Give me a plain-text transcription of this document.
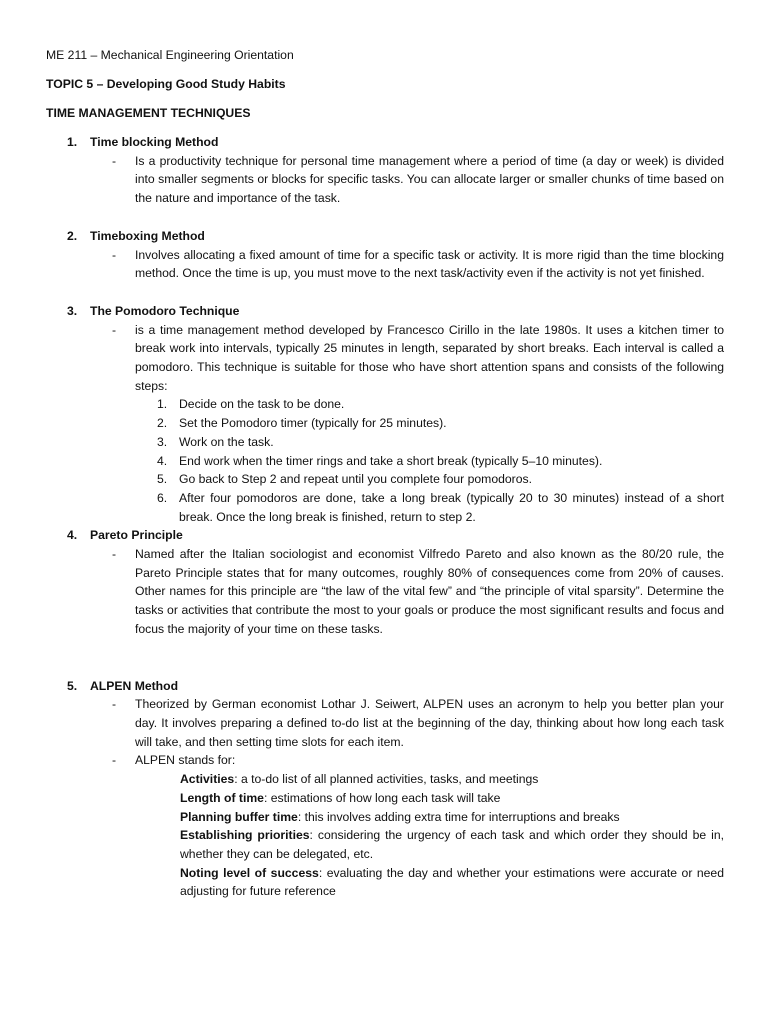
ME 211 – Mechanical Engineering Orientation

TOPIC 5 – Developing Good Study Habits

TIME MANAGEMENT TECHNIQUES

1.	Time blocking Method
- Is a productivity technique for personal time management where a period of time (a day or week) is divided into smaller segments or blocks for specific tasks. You can allocate larger or smaller chunks of time based on the nature and importance of the task.
2.	Timeboxing Method
- Involves allocating a fixed amount of time for a specific task or activity. It is more rigid than the time blocking method. Once the time is up, you must move to the next task/activity even if the activity is not yet finished.
3.	The Pomodoro Technique
- is a time management method developed by Francesco Cirillo in the late 1980s. It uses a kitchen timer to break work into intervals, typically 25 minutes in length, separated by short breaks. Each interval is called a pomodoro. This technique is suitable for those who have short attention spans and consists of the following steps:
1. Decide on the task to be done.
2. Set the Pomodoro timer (typically for 25 minutes).
3. Work on the task.
4. End work when the timer rings and take a short break (typically 5–10 minutes).
5. Go back to Step 2 and repeat until you complete four pomodoros.
6. After four pomodoros are done, take a long break (typically 20 to 30 minutes) instead of a short break. Once the long break is finished, return to step 2.
4.	Pareto Principle
- Named after the Italian sociologist and economist Vilfredo Pareto and also known as the 80/20 rule, the Pareto Principle states that for many outcomes, roughly 80% of consequences come from 20% of causes. Other names for this principle are “the law of the vital few” and “the principle of vital sparsity”. Determine the tasks or activities that contribute the most to your goals or produce the most significant results and focus and focus the majority of your time on these tasks.
5.	ALPEN Method
- Theorized by German economist Lothar J. Seiwert, ALPEN uses an acronym to help you better plan your day. It involves preparing a defined to-do list at the beginning of the day, thinking about how long each task will take, and then setting time slots for each item.
- ALPEN stands for:
Activities: a to-do list of all planned activities, tasks, and meetings
Length of time: estimations of how long each task will take
Planning buffer time: this involves adding extra time for interruptions and breaks
Establishing priorities: considering the urgency of each task and which order they should be in, whether they can be delegated, etc.
Noting level of success: evaluating the day and whether your estimations were accurate or need adjusting for future reference
